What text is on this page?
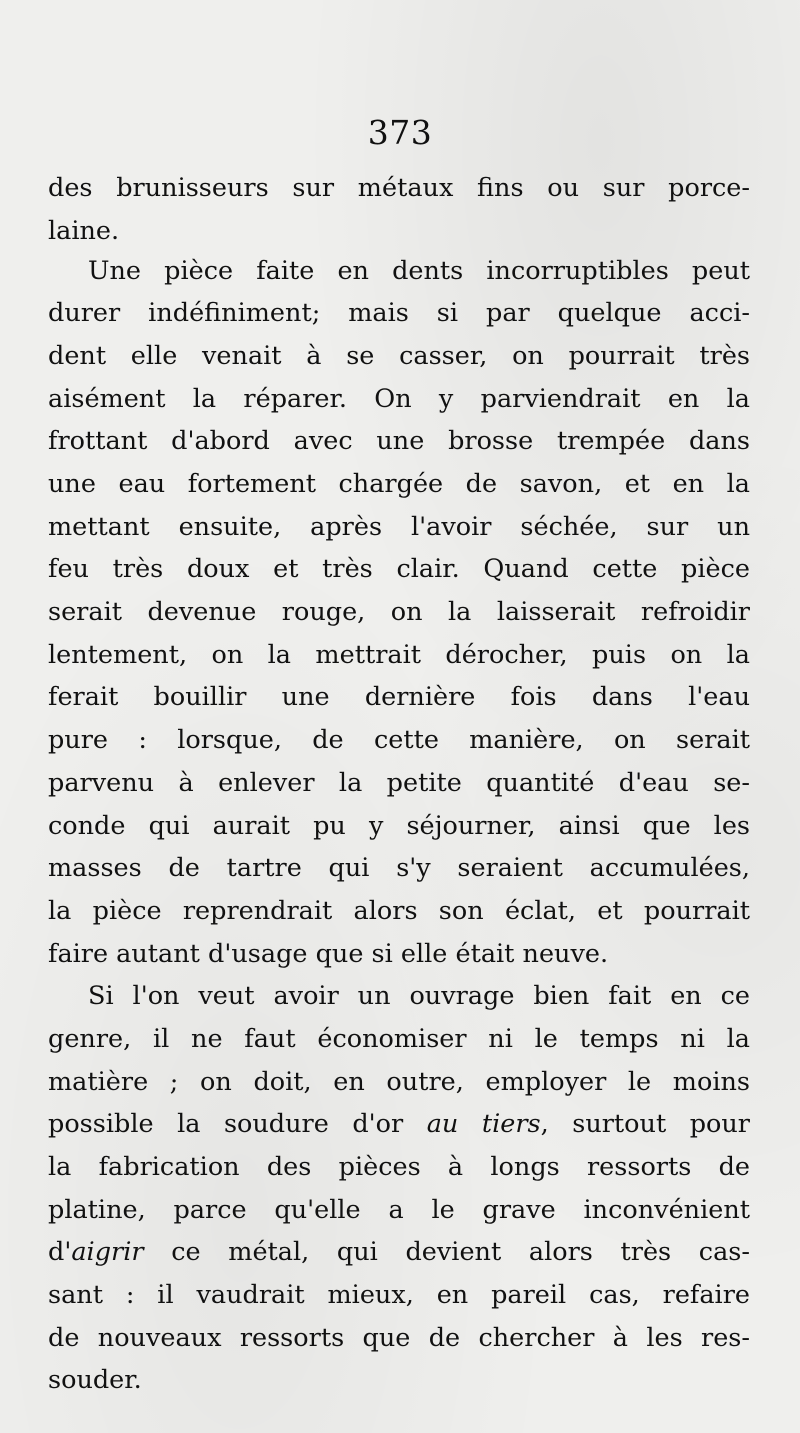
373
des brunisseurs sur métaux fins ou sur porce-
laine.
Une pièce faite en dents incorruptibles peut
durer indéfiniment; mais si par quelque acci-
dent elle venait à se casser, on pourrait très
aisément la réparer. On y parviendrait en la
frottant d'abord avec une brosse trempée dans
une eau fortement chargée de savon, et en la
mettant ensuite, après l'avoir séchée, sur un
feu très doux et très clair. Quand cette pièce
serait devenue rouge, on la laisserait refroidir
lentement, on la mettrait dérocher, puis on la
ferait bouillir une dernière fois dans l'eau
pure : lorsque, de cette manière, on serait
parvenu à enlever la petite quantité d'eau se-
conde qui aurait pu y séjourner, ainsi que les
masses de tartre qui s'y seraient accumulées,
la pièce reprendrait alors son éclat, et pourrait
faire autant d'usage que si elle était neuve.
Si l'on veut avoir un ouvrage bien fait en ce
genre, il ne faut économiser ni le temps ni la
matière ; on doit, en outre, employer le moins
possible la soudure d'or au tiers, surtout pour
la fabrication des pièces à longs ressorts de
platine, parce qu'elle a le grave inconvénient
d'aigrir ce métal, qui devient alors très cas-
sant : il vaudrait mieux, en pareil cas, refaire
de nouveaux ressorts que de chercher à les res-
souder.
